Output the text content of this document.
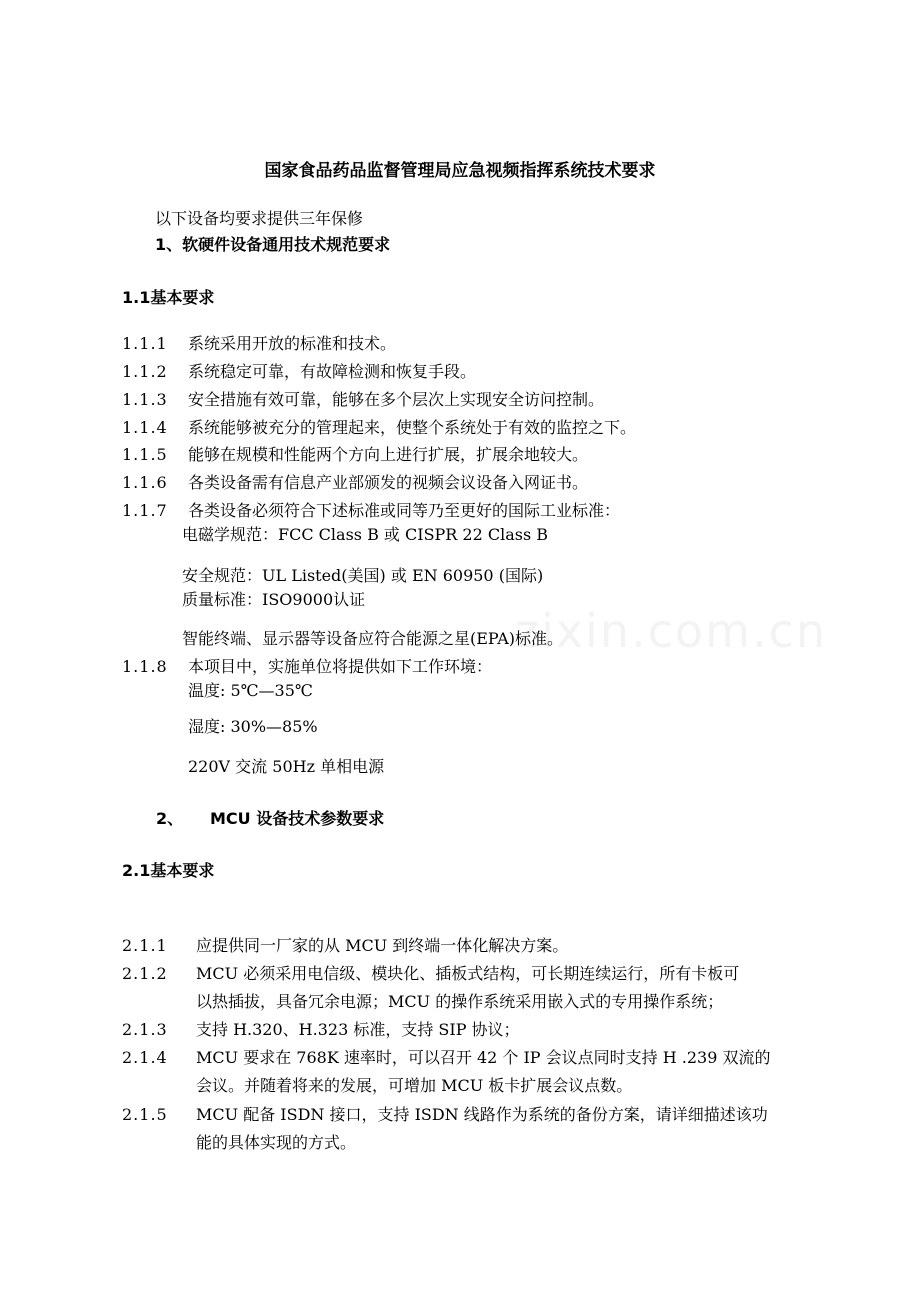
zixin.com.cn
国家食品药品监督管理局应急视频指挥系统技术要求
以下设备均要求提供三年保修
1、软硬件设备通用技术规范要求
1.1基本要求
1.1.1 系统采用开放的标准和技术。
1.1.2 系统稳定可靠，有故障检测和恢复手段。
1.1.3 安全措施有效可靠，能够在多个层次上实现安全访问控制。
1.1.4 系统能够被充分的管理起来，使整个系统处于有效的监控之下。
1.1.5 能够在规模和性能两个方向上进行扩展，扩展余地较大。
1.1.6 各类设备需有信息产业部颁发的视频会议设备入网证书。
1.1.7 各类设备必须符合下述标准或同等乃至更好的国际工业标准：
电磁学规范：FCC Class B 或 CISPR 22 Class B
安全规范：UL Listed(美国) 或 EN 60950 (国际)
质量标准：ISO9000认证
智能终端、显示器等设备应符合能源之星(EPA)标准。
1.1.8 本项目中，实施单位将提供如下工作环境：
温度: 5℃—35℃
湿度: 30%—85%
220V 交流 50Hz 单相电源
2、 MCU 设备技术参数要求
2.1基本要求
2.1.1 应提供同一厂家的从 MCU 到终端一体化解决方案。
2.1.2 MCU 必须采用电信级、模块化、插板式结构，可长期连续运行，所有卡板可
以热插拔，具备冗余电源；MCU 的操作系统采用嵌入式的专用操作系统；
2.1.3 支持 H.320、H.323 标准，支持 SIP 协议；
2.1.4 MCU 要求在 768K 速率时，可以召开 42 个 IP 会议点同时支持 H .239 双流的
会议。并随着将来的发展，可增加 MCU 板卡扩展会议点数。
2.1.5 MCU 配备 ISDN 接口，支持 ISDN 线路作为系统的备份方案，请详细描述该功
能的具体实现的方式。
